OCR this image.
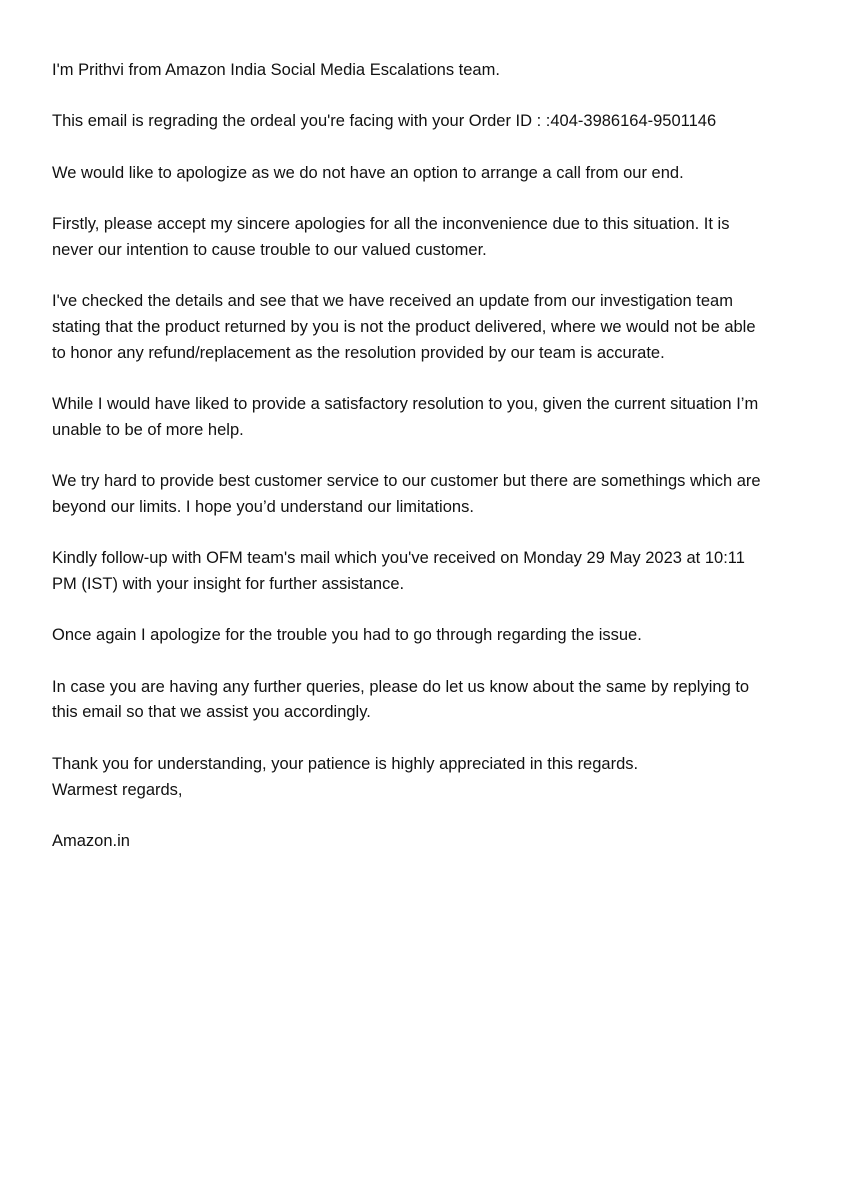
I'm Prithvi from Amazon India Social Media Escalations team.

This email is regrading the ordeal you're facing with your Order ID : :404-3986164-9501146

We would like to apologize as we do not have an option to arrange a call from our end.

Firstly, please accept my sincere apologies for all the inconvenience due to this situation. It is
never our intention to cause trouble to our valued customer.

I've checked the details and see that we have received an update from our investigation team
stating that the product returned by you is not the product delivered, where we would not be able
to honor any refund/replacement as the resolution provided by our team is accurate.

While I would have liked to provide a satisfactory resolution to you, given the current situation I’m
unable to be of more help.

We try hard to provide best customer service to our customer but there are somethings which are
beyond our limits. I hope you’d understand our limitations.

Kindly follow-up with OFM team's mail which you've received on Monday 29 May 2023 at 10:11
PM (IST) with your insight for further assistance.

Once again I apologize for the trouble you had to go through regarding the issue.

In case you are having any further queries, please do let us know about the same by replying to
this email so that we assist you accordingly.

Thank you for understanding, your patience is highly appreciated in this regards.

Warmest regards,

Amazon.in
